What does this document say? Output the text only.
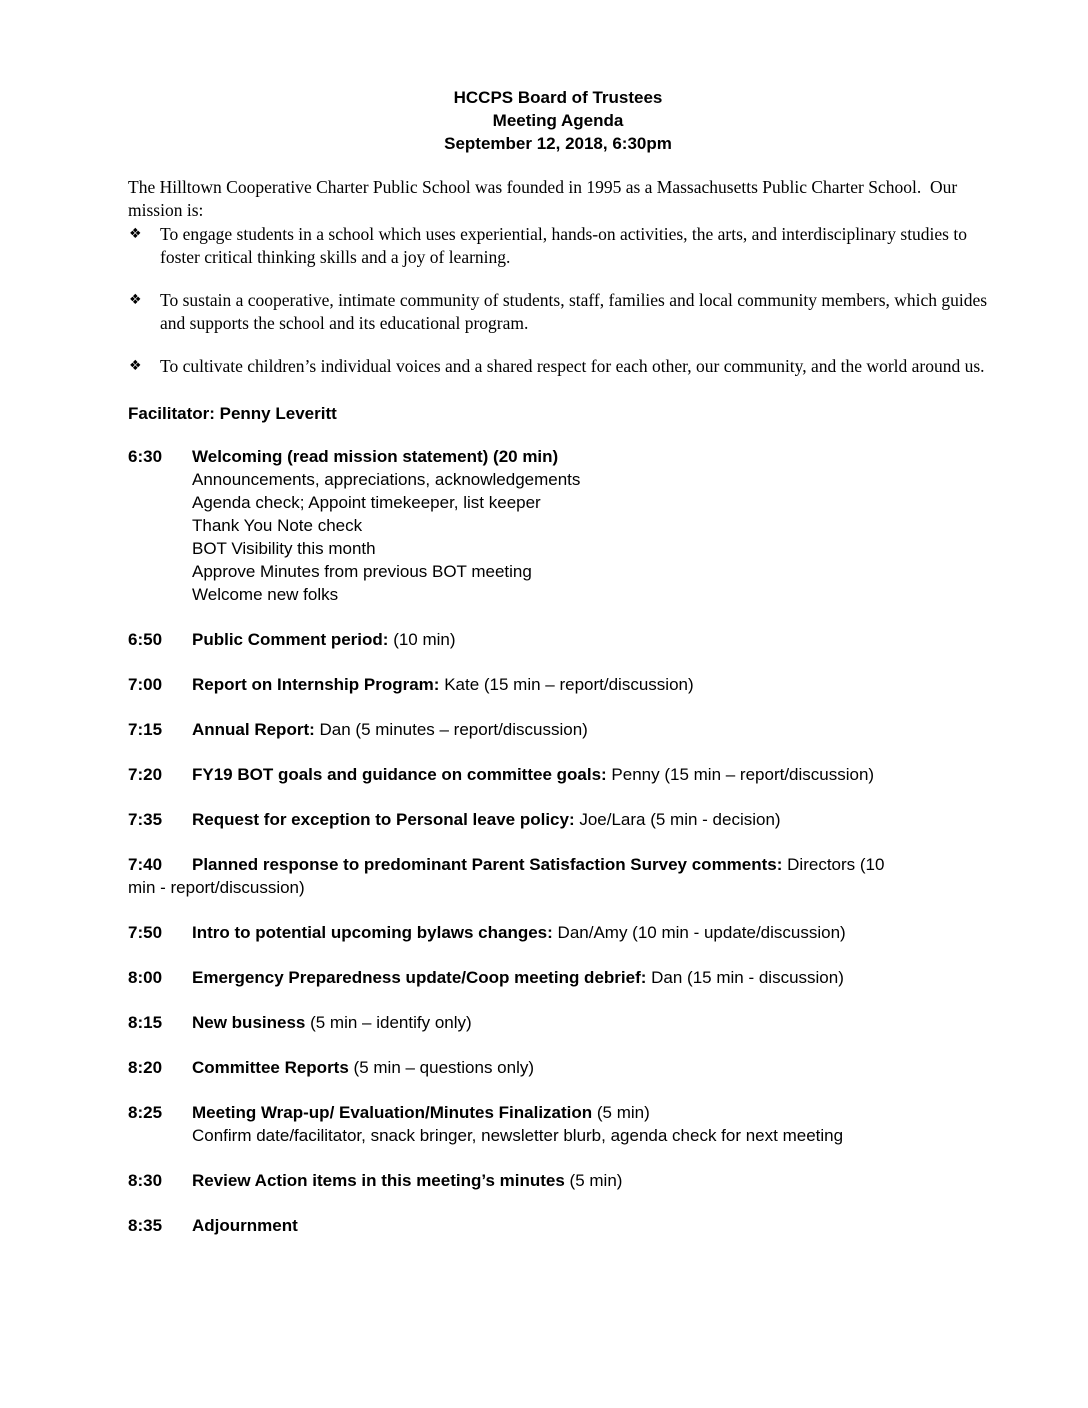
HCCPS Board of Trustees
Meeting Agenda
September 12, 2018, 6:30pm
The Hilltown Cooperative Charter Public School was founded in 1995 as a Massachusetts Public Charter School.  Our mission is:
❖ To engage students in a school which uses experiential, hands-on activities, the arts, and interdisciplinary studies to foster critical thinking skills and a joy of learning.
❖ To sustain a cooperative, intimate community of students, staff, families and local community members, which guides and supports the school and its educational program.
❖ To cultivate children’s individual voices and a shared respect for each other, our community, and the world around us.
Facilitator: Penny Leveritt
6:30 Welcoming (read mission statement) (20 min)
Announcements, appreciations, acknowledgements
Agenda check; Appoint timekeeper, list keeper
Thank You Note check
BOT Visibility this month
Approve Minutes from previous BOT meeting
Welcome new folks
6:50 Public Comment period: (10 min)
7:00 Report on Internship Program: Kate (15 min – report/discussion)
7:15 Annual Report: Dan (5 minutes – report/discussion)
7:20 FY19 BOT goals and guidance on committee goals: Penny (15 min – report/discussion)
7:35 Request for exception to Personal leave policy: Joe/Lara (5 min - decision)
7:40 Planned response to predominant Parent Satisfaction Survey comments: Directors (10
min - report/discussion)
7:50 Intro to potential upcoming bylaws changes: Dan/Amy (10 min - update/discussion)
8:00 Emergency Preparedness update/Coop meeting debrief: Dan (15 min - discussion)
8:15 New business (5 min – identify only)
8:20 Committee Reports (5 min – questions only)
8:25 Meeting Wrap-up/ Evaluation/Minutes Finalization (5 min)
Confirm date/facilitator, snack bringer, newsletter blurb, agenda check for next meeting
8:30 Review Action items in this meeting’s minutes (5 min)
8:35 Adjournment
